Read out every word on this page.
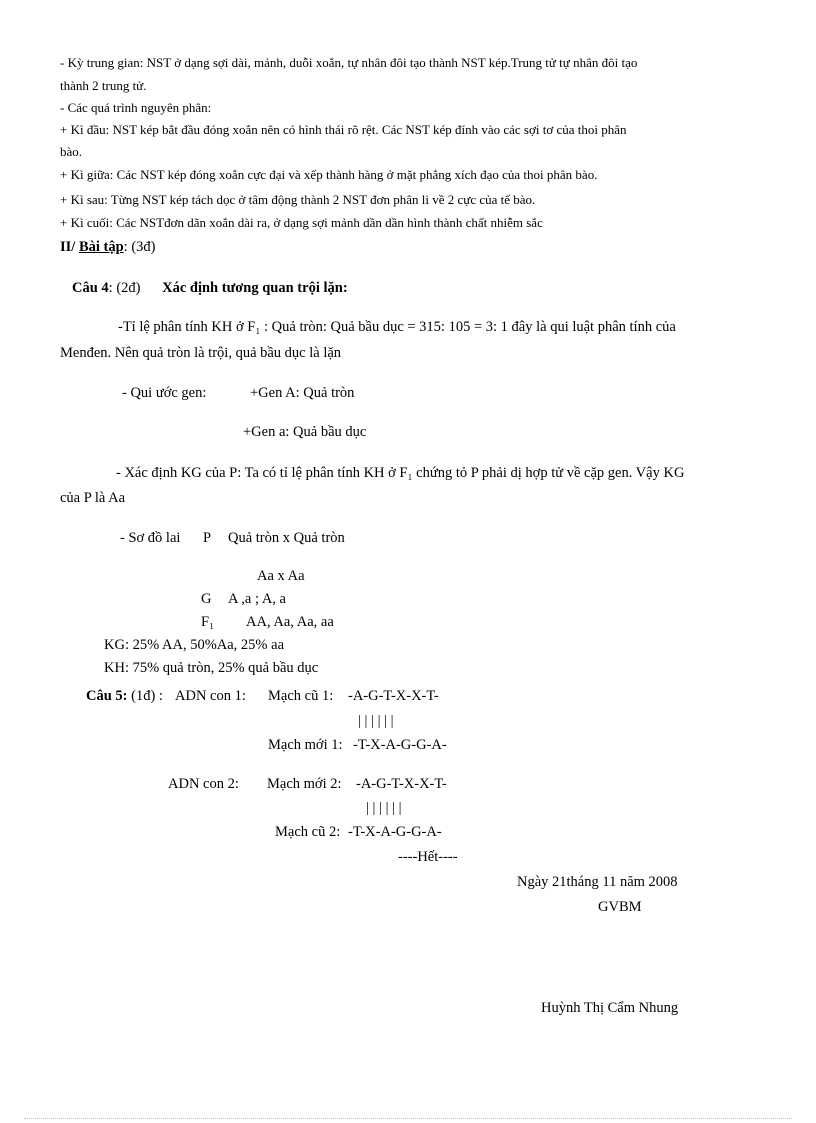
- Kỳ trung gian: NST ở dạng sợi dài, mảnh, duỗi xoắn, tự nhân đôi tạo thành NST kép.Trung tử tự nhân đôi tạo
thành 2 trung tử.
- Các quá trình nguyên phân:
+ Kì đầu: NST kép bắt đầu đóng xoắn nên có hình thái rõ rệt. Các NST kép đính vào các sợi tơ của thoi phân
bào.
+ Kì giữa: Các NST kép đóng xoắn cực đại và xếp thành hàng ở mặt phẳng xích đạo của thoi phân bào.
+ Kì sau: Từng NST kép tách dọc ở tâm động thành 2 NST đơn phân li về 2 cực của tế bào.
+ Kì cuối: Các NSTđơn dãn xoắn dài ra, ở dạng sợi mảnh dần dần hình thành chất nhiễm sắc
II/ Bài tập: (3đ)
Câu 4: (2đ) Xác định tương quan trội lặn:
-Tỉ lệ phân tính KH ở F₁ : Quả tròn: Quả bầu dục = 315: 105 = 3: 1 đây là qui luật phân tính của
Menđen. Nên quả tròn là trội, quả bầu dục là lặn
- Qui ước gen:	+Gen A: Quả tròn
+Gen a: Quả bầu dục
- Xác định KG của P: Ta có tỉ lệ phân tính KH ở F₁ chứng tỏ P phải dị hợp tử về cặp gen. Vậy KG
của P là Aa
- Sơ đồ lai P Quả tròn x Quả tròn
Aa x Aa
G A ,a ; A, a
F₁ AA, Aa, Aa, aa
KG: 25% AA, 50%Aa, 25% aa
KH: 75% quả tròn, 25% quả bầu dục
Câu 5: (1đ) : ADN con 1: Mạch cũ 1: -A-G-T-X-X-T-
| | | | | |
Mạch mới 1: -T-X-A-G-G-A-
ADN con 2: Mạch mới 2: -A-G-T-X-X-T-
| | | | | |
Mạch cũ 2: -T-X-A-G-G-A-
----Hết----
Ngày 21tháng 11 năm 2008
GVBM
Huỳnh Thị Cẩm Nhung
